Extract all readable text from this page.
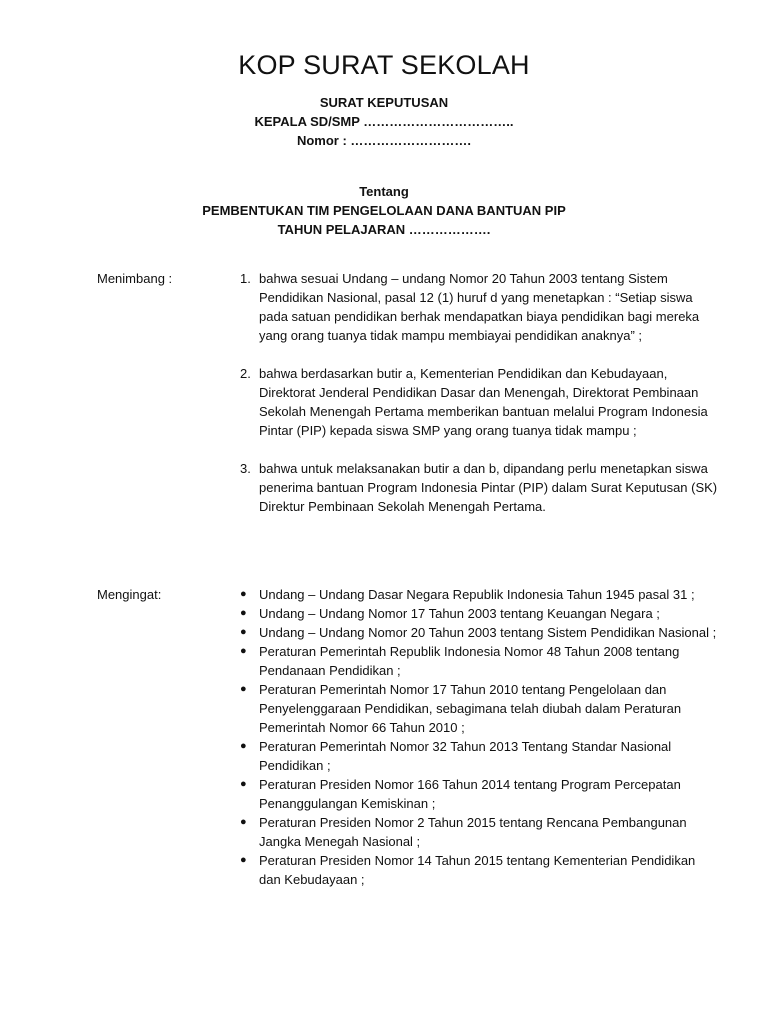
KOP SURAT SEKOLAH
SURAT KEPUTUSAN
KEPALA SD/SMP ……………………………..
Nomor : ……………………….
Tentang
PEMBENTUKAN TIM PENGELOLAAN DANA BANTUAN PIP
TAHUN PELAJARAN ……………….
Menimbang :	1. bahwa sesuai Undang – undang Nomor 20 Tahun 2003 tentang Sistem Pendidikan Nasional, pasal 12 (1) huruf d yang menetapkan : “Setiap siswa pada satuan pendidikan berhak mendapatkan biaya pendidikan bagi mereka yang orang tuanya tidak mampu membiayai pendidikan anaknya” ;
2. bahwa berdasarkan butir a, Kementerian Pendidikan dan Kebudayaan, Direktorat Jenderal Pendidikan Dasar dan Menengah, Direktorat Pembinaan Sekolah Menengah Pertama memberikan bantuan melalui Program Indonesia Pintar (PIP) kepada siswa SMP yang orang tuanya tidak mampu ;
3. bahwa untuk melaksanakan butir a dan b, dipandang perlu menetapkan siswa penerima bantuan Program Indonesia Pintar (PIP) dalam Surat Keputusan (SK) Direktur Pembinaan Sekolah Menengah Pertama.
Mengingat:	● Undang – Undang Dasar Negara Republik Indonesia Tahun 1945 pasal 31 ;
● Undang – Undang Nomor 17 Tahun 2003 tentang Keuangan Negara ;
● Undang – Undang Nomor 20 Tahun 2003 tentang Sistem Pendidikan Nasional ;
● Peraturan Pemerintah Republik Indonesia Nomor 48 Tahun 2008 tentang Pendanaan Pendidikan ;
● Peraturan Pemerintah Nomor 17 Tahun 2010 tentang Pengelolaan dan Penyelenggaraan Pendidikan, sebagimana telah diubah dalam Peraturan Pemerintah Nomor 66 Tahun 2010 ;
● Peraturan Pemerintah Nomor 32 Tahun 2013 Tentang Standar Nasional Pendidikan ;
● Peraturan Presiden Nomor 166 Tahun 2014 tentang Program Percepatan Penanggulangan Kemiskinan ;
● Peraturan Presiden Nomor 2 Tahun 2015 tentang Rencana Pembangunan Jangka Menegah Nasional ;
● Peraturan Presiden Nomor 14 Tahun 2015 tentang Kementerian Pendidikan dan Kebudayaan ;
